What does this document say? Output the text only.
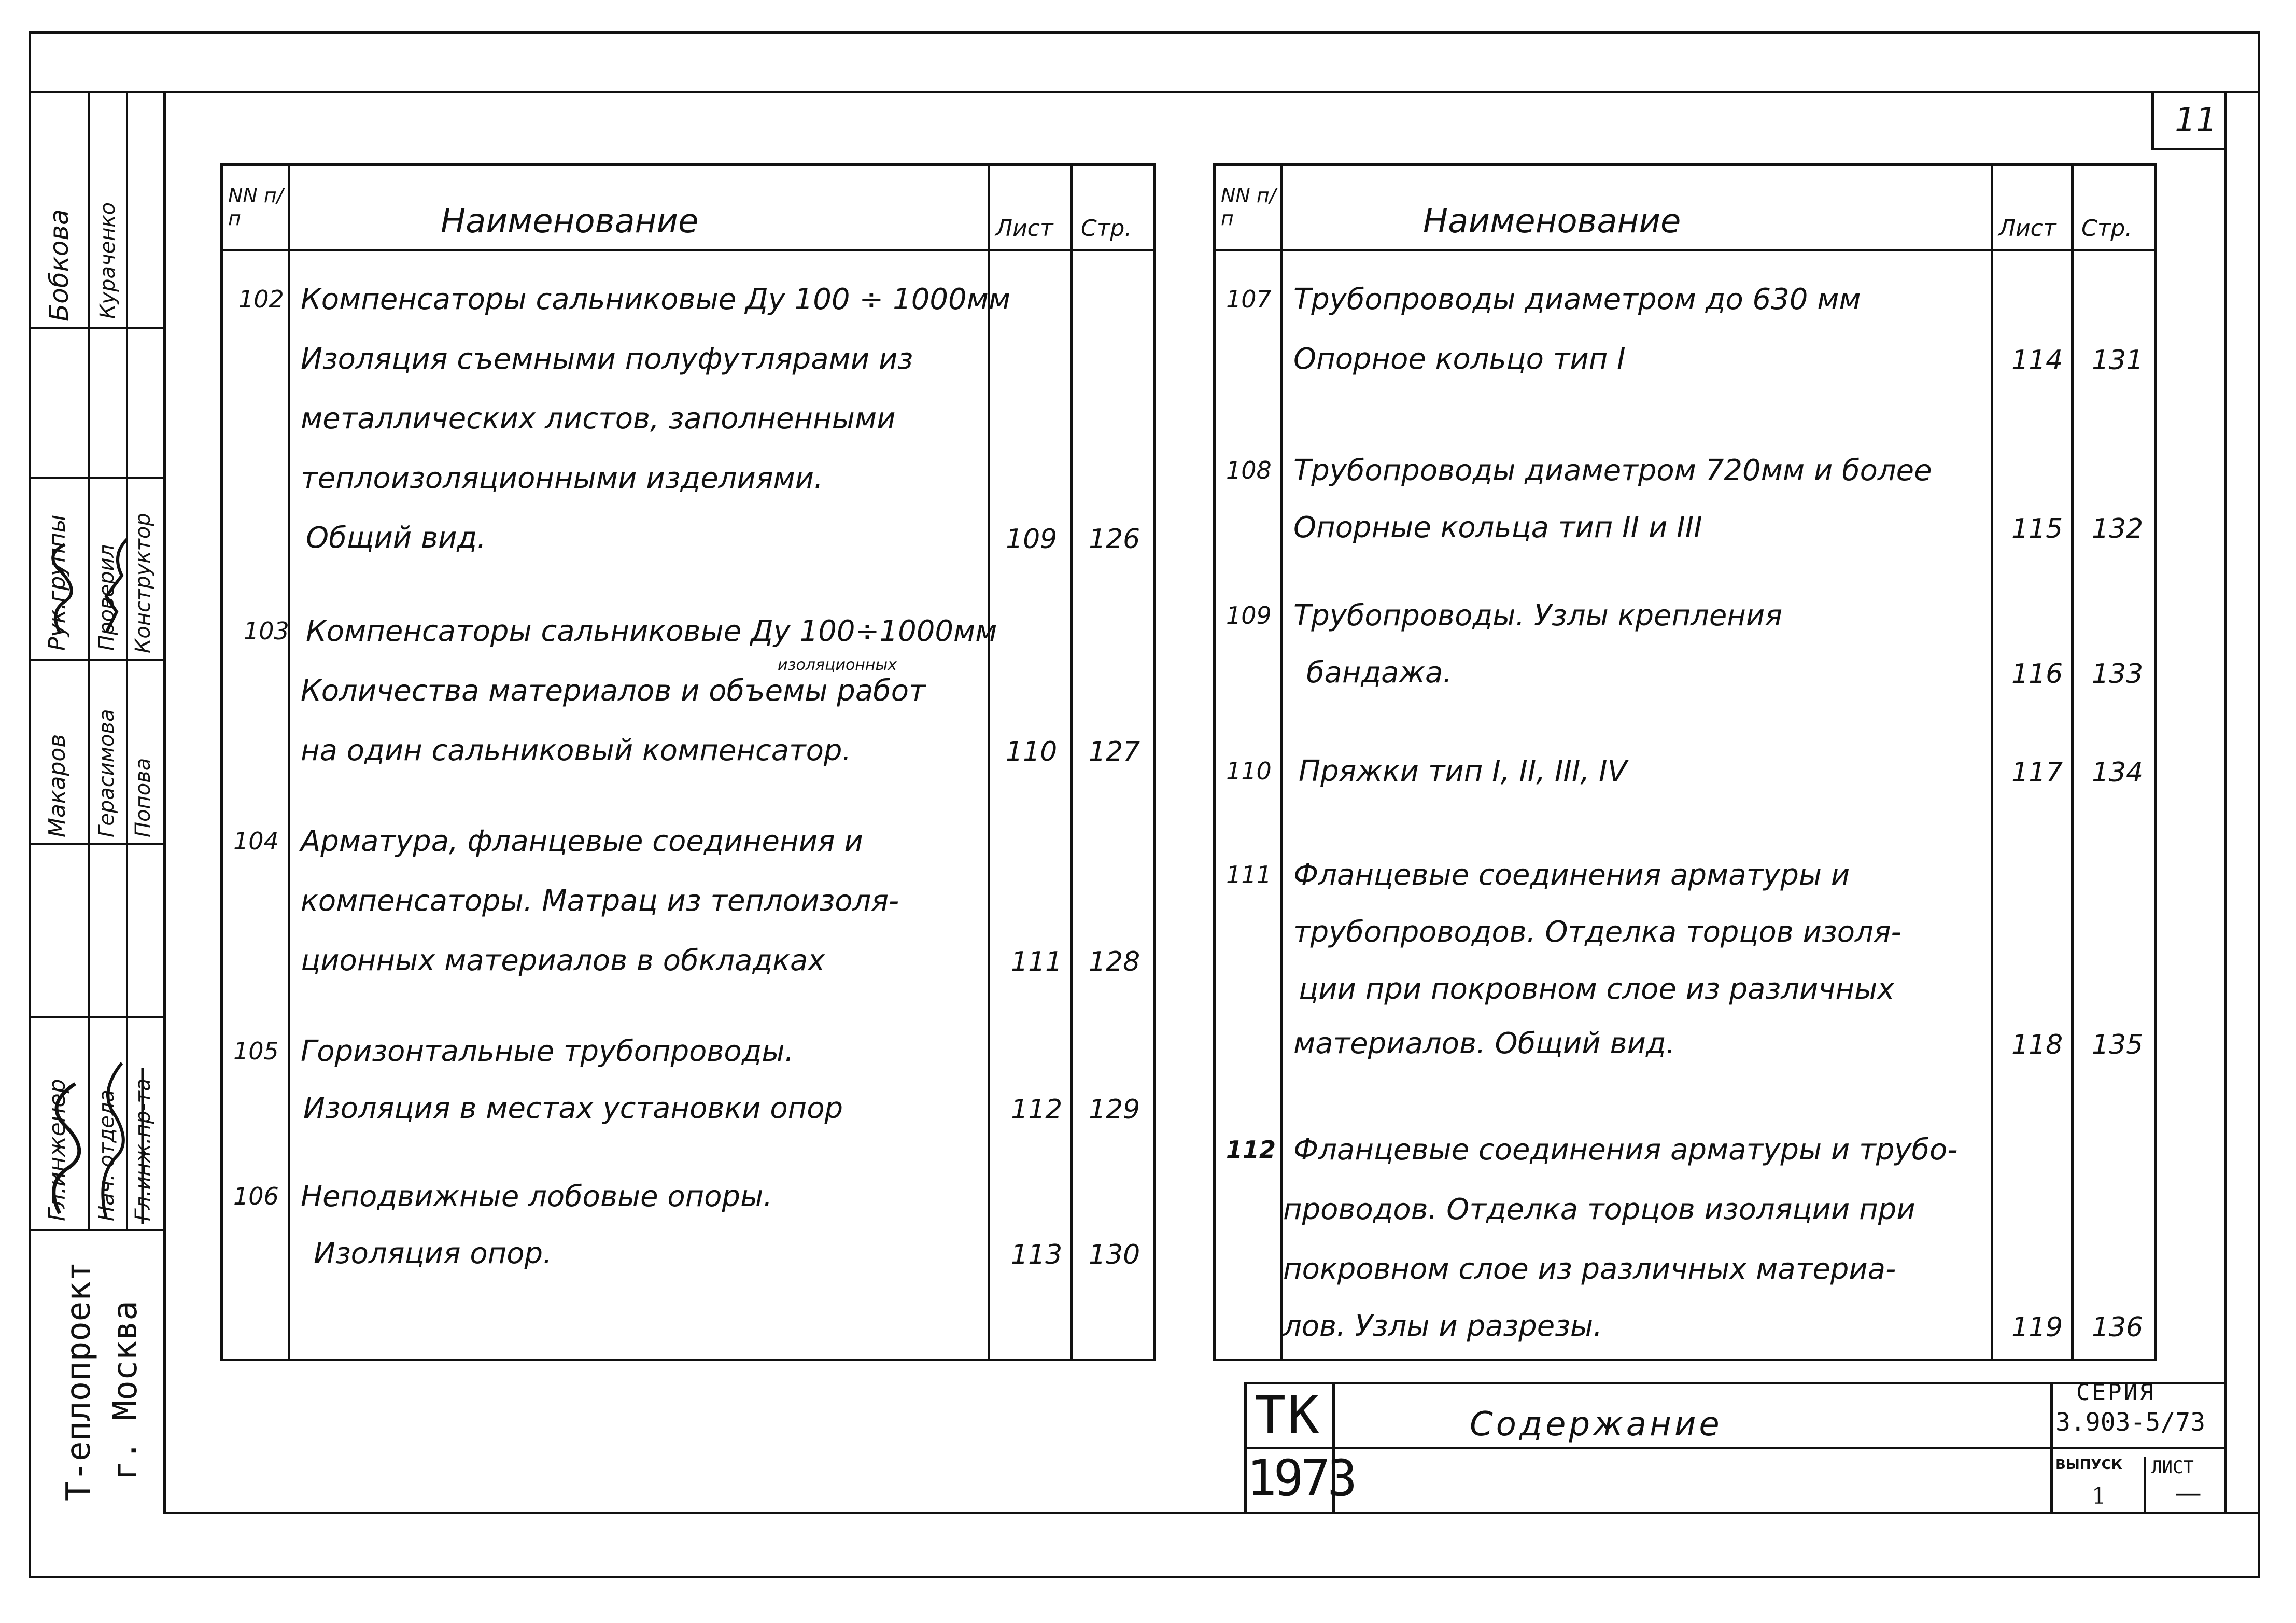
11
Бобкова Кураченко
Макаров Герасимова Попова
Рук.группы Проверил Конструктор
Гл.инженер Нач. отдела Гл.инж.пр-та
Т-еплопроект г. Москва
NN п/п	Наименование	Лист Стр.
102 Компенсаторы сальниковые Ду 100 ÷ 1000мм
Изоляция съемными полуфутлярами из
металлических листов, заполненными
теплоизоляционными изделиями.
Общий вид.	109 126
103 Компенсаторы сальниковые Ду 100÷1000мм
изоляционных
Количества материалов и объемы работ
на один сальниковый компенсатор.	110 127
104 Арматура, фланцевые соединения и
компенсаторы. Матрац из теплоизоля-
ционных материалов в обкладках	111 128
105 Горизонтальные трубопроводы.
Изоляция в местах установки опор	112 129
106 Неподвижные лобовые опоры.
Изоляция опор.	113 130
NN п/п	Наименование	Лист Стр.
107 Трубопроводы диаметром до 630 мм
Опорное кольцо тип I	114 131
108 Трубопроводы диаметром 720мм и более
Опорные кольца тип II и III	115 132
109 Трубопроводы. Узлы крепления
бандажа.	116 133
110 Пряжки тип I, II, III, IV	117 134
111 Фланцевые соединения арматуры и
трубопроводов. Отделка торцов изоля-
ции при покровном слое из различных
материалов. Общий вид.	118 135
112 Фланцевые соединения арматуры и трубо-
проводов. Отделка торцов изоляции при
покровном слое из различных материа-
лов. Узлы и разрезы.	119 136
ТК
1973
Содержание
СЕРИЯ
3.903-5/73
ВЫПУСК ЛИСТ
1	—
